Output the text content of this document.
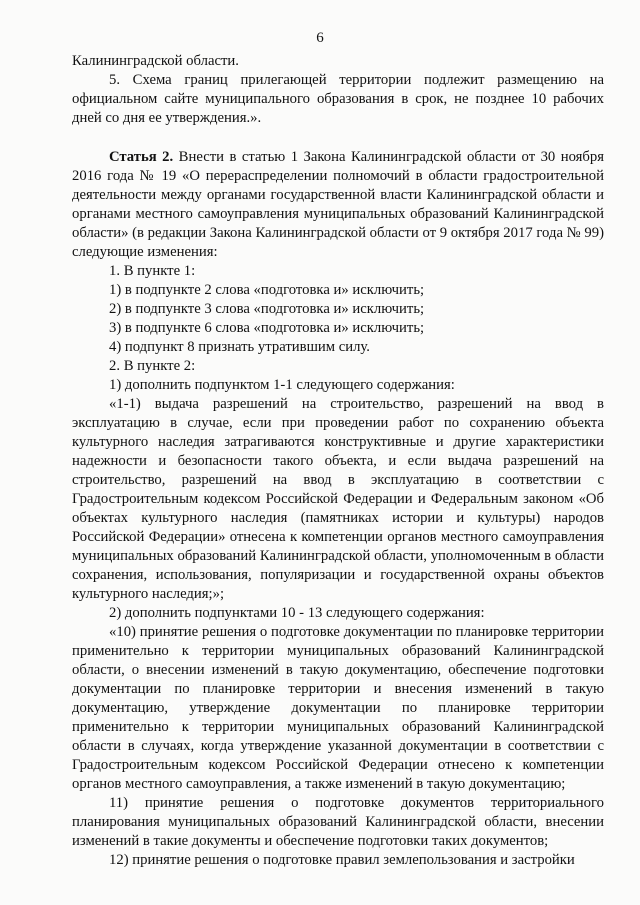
6

Калининградской области.

5. Схема границ прилегающей территории подлежит размещению на официальном сайте муниципального образования в срок, не позднее 10 рабочих дней со дня ее утверждения.».

Статья 2. Внести в статью 1 Закона Калининградской области от 30 ноября 2016 года № 19 «О перераспределении полномочий в области градостроительной деятельности между органами государственной власти Калининградской области и органами местного самоуправления муниципальных образований Калининградской области» (в редакции Закона Калининградской области от 9 октября 2017 года № 99) следующие изменения:

1. В пункте 1:

1) в подпункте 2 слова «подготовка и» исключить;

2) в подпункте 3 слова «подготовка и» исключить;

3) в подпункте 6 слова «подготовка и» исключить;

4) подпункт 8 признать утратившим силу.

2. В пункте 2:

1) дополнить подпунктом 1-1 следующего содержания:

«1-1) выдача разрешений на строительство, разрешений на ввод в эксплуатацию в случае, если при проведении работ по сохранению объекта культурного наследия затрагиваются конструктивные и другие характеристики надежности и безопасности такого объекта, и если выдача разрешений на строительство, разрешений на ввод в эксплуатацию в соответствии с Градостроительным кодексом Российской Федерации и Федеральным законом «Об объектах культурного наследия (памятниках истории и культуры) народов Российской Федерации» отнесена к компетенции органов местного самоуправления муниципальных образований Калининградской области, уполномоченным в области сохранения, использования, популяризации и государственной охраны объектов культурного наследия;»;

2) дополнить подпунктами 10 - 13 следующего содержания:

«10) принятие решения о подготовке документации по планировке территории применительно к территории муниципальных образований Калининградской области, о внесении изменений в такую документацию, обеспечение подготовки документации по планировке территории и внесения изменений в такую документацию, утверждение документации по планировке территории применительно к территории муниципальных образований Калининградской области в случаях, когда утверждение указанной документации в соответствии с Градостроительным кодексом Российской Федерации отнесено к компетенции органов местного самоуправления, а также изменений в такую документацию;

11) принятие решения о подготовке документов территориального планирования муниципальных образований Калининградской области, внесении изменений в такие документы и обеспечение подготовки таких документов;

12) принятие решения о подготовке правил землепользования и застройки
